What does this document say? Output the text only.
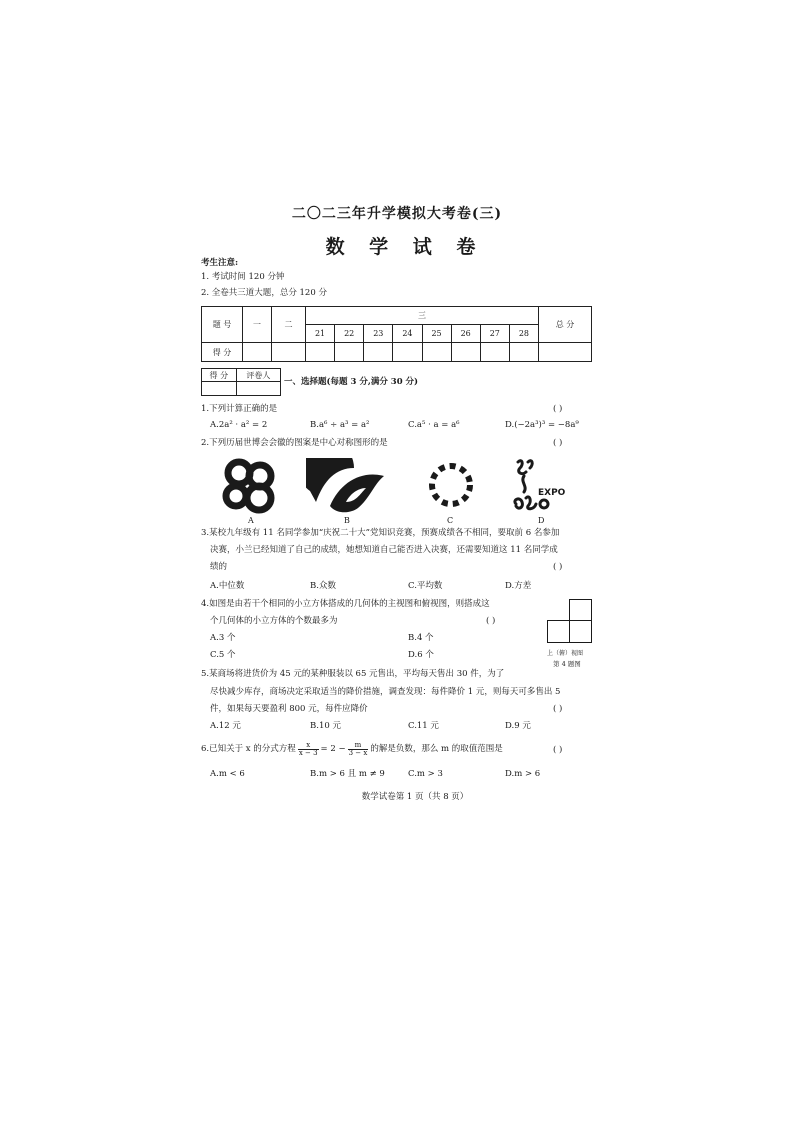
二〇二三年升学模拟大考卷(三)
数 学 试 卷
考生注意:
1. 考试时间 120 分钟
2. 全卷共三道大题，总分 120 分
题 号	一	二	三								总 分
			21	22	23	24	25	26	27	28	
得 分											
得 分	评卷人

一、选择题(每题 3 分,满分 30 分)
1.下列计算正确的是	( )
A.2a² · a² = 2	B.a⁶ ÷ a³ = a²	C.a⁵ · a = a⁶	D.(−2a³)³ = −8a⁹
2.下列历届世博会会徽的图案是中心对称图形的是	( )
A	B	C
EXPO
D
3.某校九年级有 11 名同学参加“庆祝二十大”党知识竞赛，预赛成绩各不相同，要取前 6 名参加
决赛，小兰已经知道了自己的成绩，她想知道自己能否进入决赛，还需要知道这 11 名同学成
绩的	( )
A.中位数	B.众数	C.平均数	D.方差
4.如图是由若干个相同的小立方体搭成的几何体的主视图和俯视图，则搭成这
个几何体的小立方体的个数最多为	( )
A.3 个	B.4 个
C.5 个	D.6 个	上（俯）视图
第 4 题图
5.某商场将进货价为 45 元的某种服装以 65 元售出，平均每天售出 30 件，为了
尽快减少库存，商场决定采取适当的降价措施，调查发现：每件降价 1 元，则每天可多售出 5
件，如果每天要盈利 800 元，每件应降价	( )
A.12 元	B.10 元	C.11 元	D.9 元
6.已知关于 x 的分式方程 $\frac{x}{x - 3} = 2 - \frac{m}{3 - x}$ 的解是负数，那么 m 的取值范围是	( )
A.m < 6	B.m > 6 且 m ≠ 9	C.m > 3	D.m > 6
数学试卷第 1 页（共 8 页）
